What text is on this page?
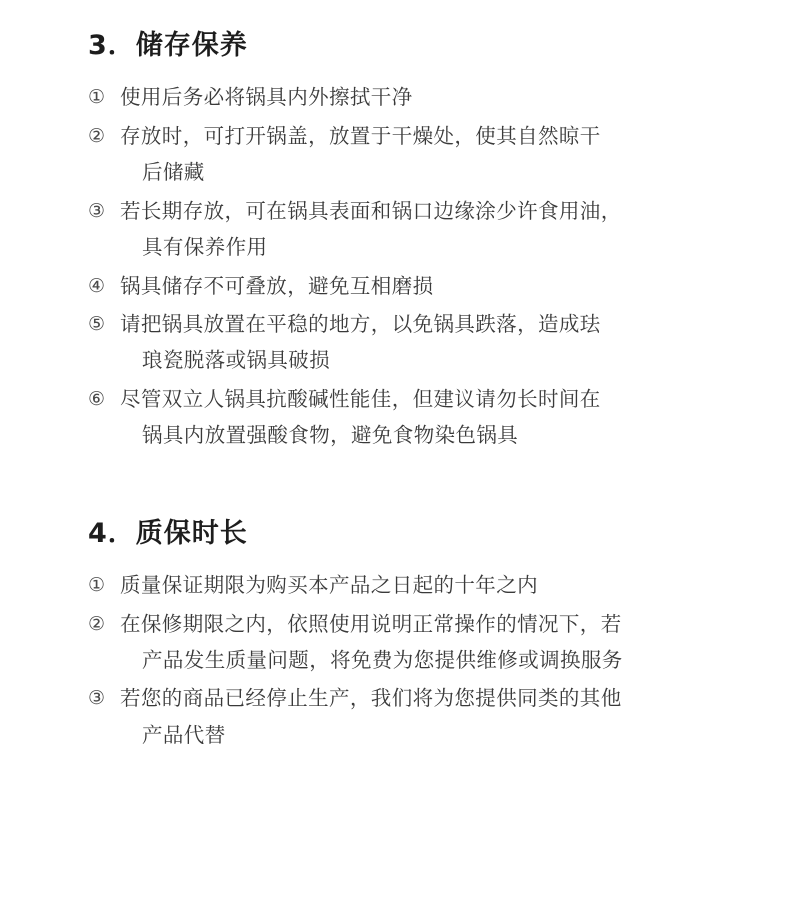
3．储存保养
① 使用后务必将锅具内外擦拭干净
② 存放时，可打开锅盖，放置于干燥处，使其自然晾干
后储藏
③ 若长期存放，可在锅具表面和锅口边缘涂少许食用油，
具有保养作用
④ 锅具储存不可叠放，避免互相磨损
⑤ 请把锅具放置在平稳的地方，以免锅具跌落，造成珐
琅瓷脱落或锅具破损
⑥ 尽管双立人锅具抗酸碱性能佳，但建议请勿长时间在
锅具内放置强酸食物，避免食物染色锅具
4．质保时长
① 质量保证期限为购买本产品之日起的十年之内
② 在保修期限之内，依照使用说明正常操作的情况下，若
产品发生质量问题，将免费为您提供维修或调换服务
③ 若您的商品已经停止生产，我们将为您提供同类的其他
产品代替
